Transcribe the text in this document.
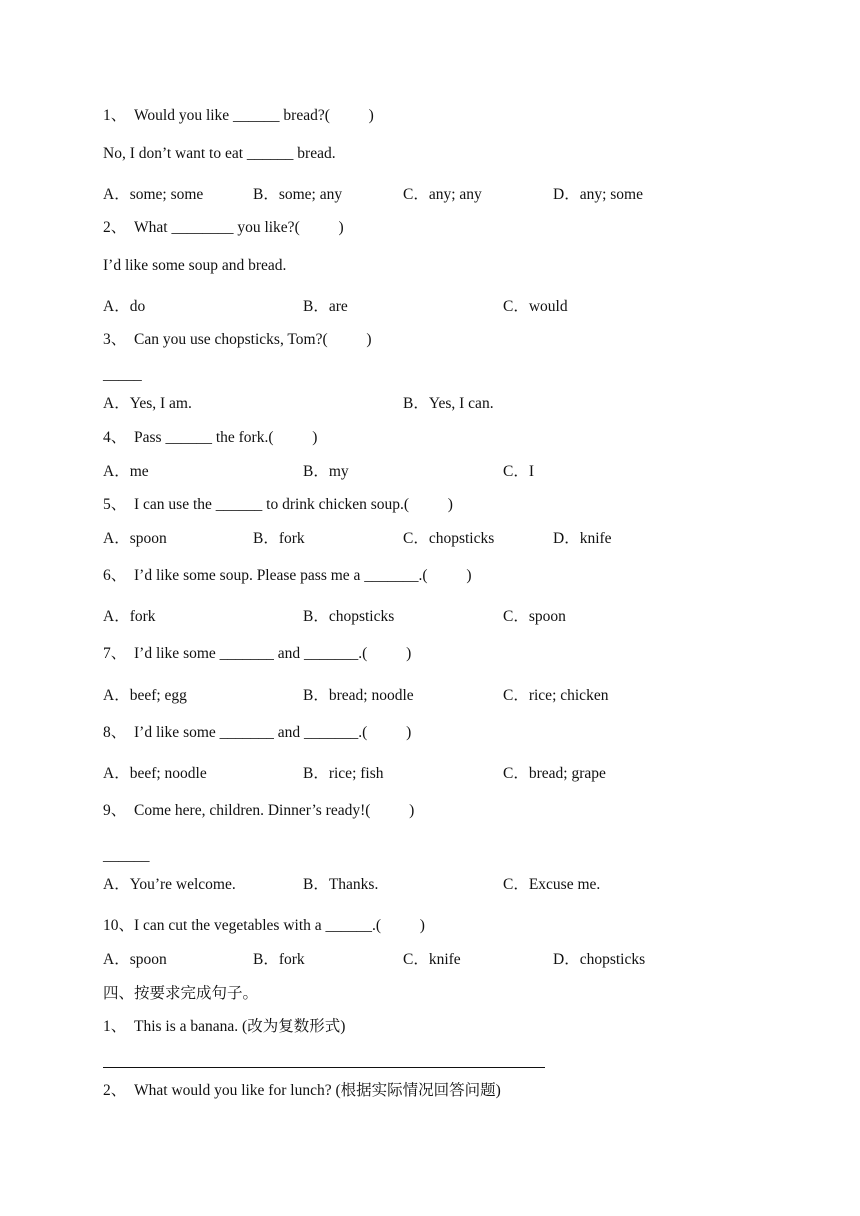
1、  Would you like ______ bread?(          )
No, I don’t want to eat ______ bread.
A．some; some	B．some; any	C．any; any	D．any; some
2、  What ________ you like?(          )
I’d like some soup and bread.
A．do	B．are	C．would
3、  Can you use chopsticks, Tom?(          )
_____
A．Yes, I am.	B．Yes, I can.
4、  Pass ______ the fork.(          )
A．me	B．my	C．I
5、  I can use the ______ to drink chicken soup.(          )
A．spoon	B．fork	C．chopsticks	D．knife
6、  I’d like some soup. Please pass me a _______.(          )
A．fork	B．chopsticks	C．spoon
7、  I’d like some _______ and _______.(          )
A．beef; egg	B．bread; noodle	C．rice; chicken
8、  I’d like some _______ and _______.(          )
A．beef; noodle	B．rice; fish	C．bread; grape
9、  Come here, children. Dinner’s ready!(          )
______
A．You’re welcome.	B．Thanks.	C．Excuse me.
10、I can cut the vegetables with a ______.(          )
A．spoon	B．fork	C．knife	D．chopsticks
四、按要求完成句子。
1、  This is a banana. (改为复数形式)
2、  What would you like for lunch? (根据实际情况回答问题)
